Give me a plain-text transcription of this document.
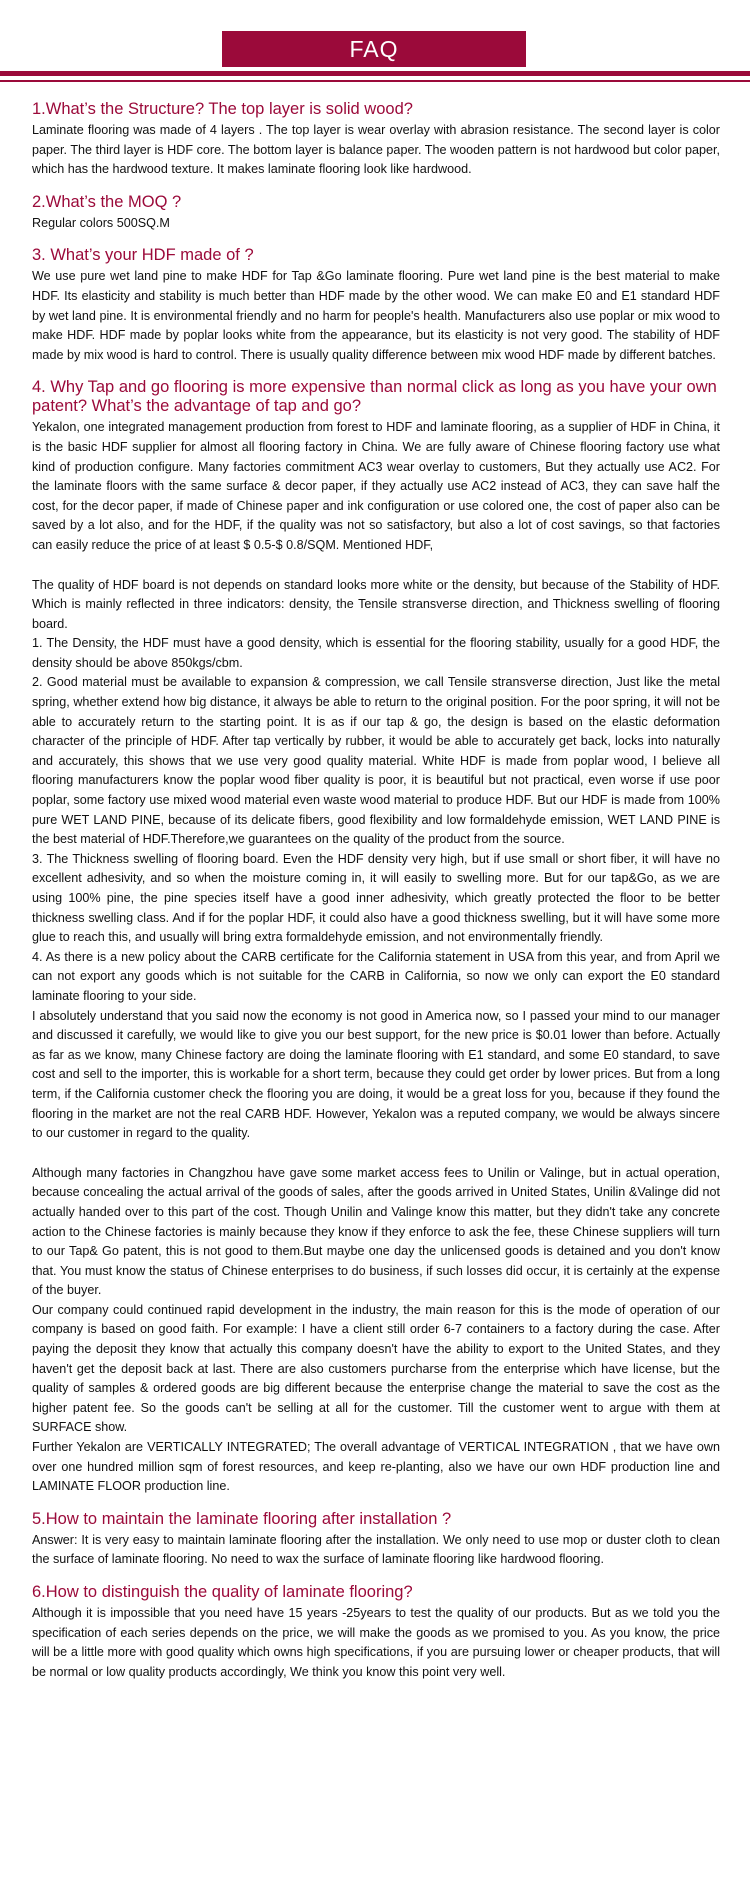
FAQ
1.What’s the Structure? The top layer is solid wood?

Laminate flooring was made of 4 layers . The top layer is wear overlay with abrasion resistance. The second layer is color paper. The third layer is HDF core. The bottom layer is balance paper. The wooden pattern is not hardwood but color paper, which has the hardwood texture. It makes laminate flooring look like hardwood.

2.What’s the MOQ ?

Regular colors 500SQ.M

3. What’s your HDF made of ?

We use pure wet land pine to make HDF for Tap &Go laminate flooring. Pure wet land pine is the best material to make HDF. Its elasticity and stability is much better than HDF made by the other wood. We can make E0 and E1 standard HDF by wet land pine. It is environmental friendly and no harm for people's health. Manufacturers also use poplar or mix wood to make HDF. HDF made by poplar looks white from the appearance, but its elasticity is not very good. The stability of HDF made by mix wood is hard to control. There is usually quality difference between mix wood HDF made by different batches.

4. Why Tap and go flooring is more expensive than normal click as long as you have your own patent? What’s the advantage of tap and go?

Yekalon, one integrated management production from forest to HDF and laminate flooring, as a supplier of HDF in China, it is the basic HDF supplier for almost all flooring factory in China. We are fully aware of Chinese flooring factory use what kind of production configure. Many factories commitment AC3 wear overlay to customers, But they actually use AC2. For the laminate floors with the same surface & decor paper, if they actually use AC2 instead of AC3, they can save half the cost, for the decor paper, if made of Chinese paper and ink configuration or use colored one, the cost of paper also can be saved by a lot also, and for the HDF, if the quality was not so satisfactory, but also a lot of cost savings, so that factories can easily reduce the price of at least $ 0.5-$ 0.8/SQM. Mentioned HDF,

The quality of HDF board is not depends on standard looks more white or the density, but because of the Stability of HDF. Which is mainly reflected in three indicators: density, the Tensile stransverse direction, and Thickness swelling of flooring board.

1. The Density, the HDF must have a good density, which is essential for the flooring stability, usually for a good HDF, the density should be above 850kgs/cbm.

2. Good material must be available to expansion & compression, we call Tensile stransverse direction, Just like the metal spring, whether extend how big distance, it always be able to return to the original position. For the poor spring, it will not be able to accurately return to the starting point. It is as if our tap & go, the design is based on the elastic deformation character of the principle of HDF. After tap vertically by rubber, it would be able to accurately get back, locks into naturally and accurately, this shows that we use very good quality material. White HDF is made from poplar wood, I believe all flooring manufacturers know the poplar wood fiber quality is poor, it is beautiful but not practical, even worse if use poor poplar, some factory use mixed wood material even waste wood material to produce HDF. But our HDF is made from 100% pure WET LAND PINE, because of its delicate fibers, good flexibility and low formaldehyde emission, WET LAND PINE is the best material of HDF.Therefore,we guarantees on the quality of the product from the source.

3. The Thickness swelling of flooring board. Even the HDF density very high, but if use small or short fiber, it will have no excellent adhesivity, and so when the moisture coming in, it will easily to swelling more. But for our tap&Go, as we are using 100% pine, the pine species itself have a good inner adhesivity, which greatly protected the floor to be better thickness swelling class. And if for the poplar HDF, it could also have a good thickness swelling, but it will have some more glue to reach this, and usually will bring extra formaldehyde emission, and not environmentally friendly.

4. As there is a new policy about the CARB certificate for the California statement in USA from this year, and from April we can not export any goods which is not suitable for the CARB in California, so now we only can export the E0 standard laminate flooring to your side.

I absolutely understand that you said now the economy is not good in America now, so I passed your mind to our manager and discussed it carefully, we would like to give you our best support, for the new price is $0.01 lower than before. Actually as far as we know, many Chinese factory are doing the laminate flooring with E1 standard, and some E0 standard, to save cost and sell to the importer, this is workable for a short term, because they could get order by lower prices. But from a long term, if the California customer check the flooring you are doing, it would be a great loss for you, because if they found the flooring in the market are not the real CARB HDF. However, Yekalon was a reputed company, we would be always sincere to our customer in regard to the quality.

Although many factories in Changzhou have gave some market access fees to Unilin or Valinge, but in actual operation, because concealing the actual arrival of the goods of sales, after the goods arrived in United States, Unilin &Valinge did not actually handed over to this part of the cost. Though Unilin and Valinge know this matter, but they didn't take any concrete action to the Chinese factories is mainly because they know if they enforce to ask the fee, these Chinese suppliers will turn to our Tap& Go patent, this is not good to them.But maybe one day the unlicensed goods is detained and you don't know that. You must know the status of Chinese enterprises to do business, if such losses did occur, it is certainly at the expense of the buyer.

Our company could continued rapid development in the industry, the main reason for this is the mode of operation of our company is based on good faith. For example: I have a client still order 6-7 containers to a factory during the case. After paying the deposit they know that actually this company doesn't have the ability to export to the United States, and they haven't get the deposit back at last. There are also customers purcharse from the enterprise which have license, but the quality of samples & ordered goods are big different because the enterprise change the material to save the cost as the higher patent fee. So the goods can't be selling at all for the customer. Till the customer went to argue with them at SURFACE show.

Further Yekalon are VERTICALLY INTEGRATED; The overall advantage of VERTICAL INTEGRATION , that we have own over one hundred million sqm of forest resources, and keep re-planting, also we have our own HDF production line and LAMINATE FLOOR production line.

5.How to maintain the laminate flooring after installation ?

Answer: It is very easy to maintain laminate flooring after the installation. We only need to use mop or duster cloth to clean the surface of laminate flooring. No need to wax the surface of laminate flooring like hardwood flooring.

6.How to distinguish the quality of laminate flooring?

Although it is impossible that you need have 15 years -25years to test the quality of our products. But as we told you the specification of each series depends on the price, we will make the goods as we promised to you. As you know, the price will be a little more with good quality which owns high specifications, if you are pursuing lower or cheaper products, that will be normal or low quality products accordingly, We think you know this point very well.
